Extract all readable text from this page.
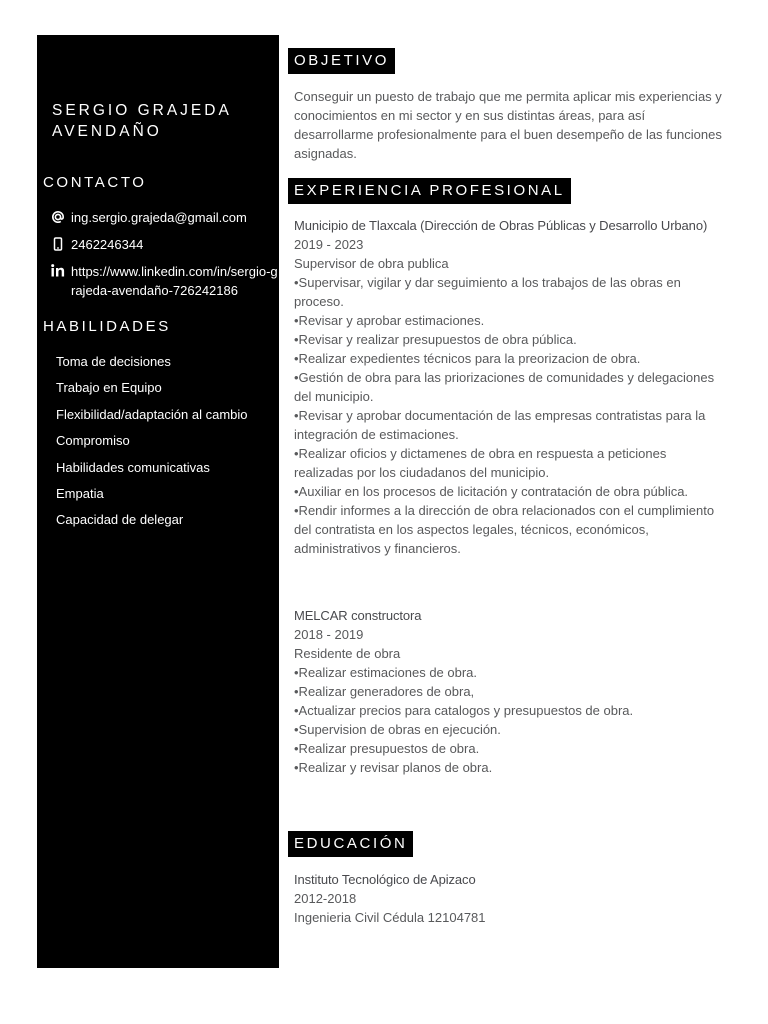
SERGIO GRAJEDA
AVENDAÑO
CONTACTO
ing.sergio.grajeda@gmail.com
2462246344
https://www.linkedin.com/in/sergio-grajeda-avendaño-726242186
HABILIDADES
Toma de decisiones
Trabajo en Equipo
Flexibilidad/adaptación al cambio
Compromiso
Habilidades comunicativas
Empatia
Capacidad de delegar
OBJETIVO

Conseguir un puesto de trabajo que me permita aplicar mis experiencias y conocimientos en mi sector y en sus distintas áreas, para así desarrollarme profesionalmente para el buen desempeño de las funciones asignadas.

EXPERIENCIA PROFESIONAL

Municipio de Tlaxcala (Dirección de Obras Públicas y Desarrollo Urbano)

2019 - 2023

Supervisor de obra publica

•Supervisar, vigilar y dar seguimiento a los trabajos de las obras en proceso.

•Revisar y aprobar estimaciones.

•Revisar y realizar presupuestos de obra pública.

•Realizar expedientes técnicos para la preorizacion de obra.

•Gestión de obra para las priorizaciones de comunidades y delegaciones del municipio.

•Revisar y aprobar documentación de las empresas contratistas para la integración de estimaciones.

•Realizar oficios y dictamenes de obra en respuesta a peticiones realizadas por los ciudadanos del municipio.

•Auxiliar en los procesos de licitación y contratación de obra pública.

•Rendir informes a la dirección de obra relacionados con el cumplimiento del contratista en los aspectos legales, técnicos, económicos, administrativos y financieros.

MELCAR constructora

2018 - 2019

Residente de obra

•Realizar estimaciones de obra.

•Realizar generadores de obra,

•Actualizar precios para catalogos y presupuestos de obra.

•Supervision de obras en ejecución.

•Realizar presupuestos de obra.

•Realizar y revisar planos de obra.

EDUCACIÓN

Instituto Tecnológico de Apizaco

2012-2018

Ingenieria Civil Cédula 12104781
